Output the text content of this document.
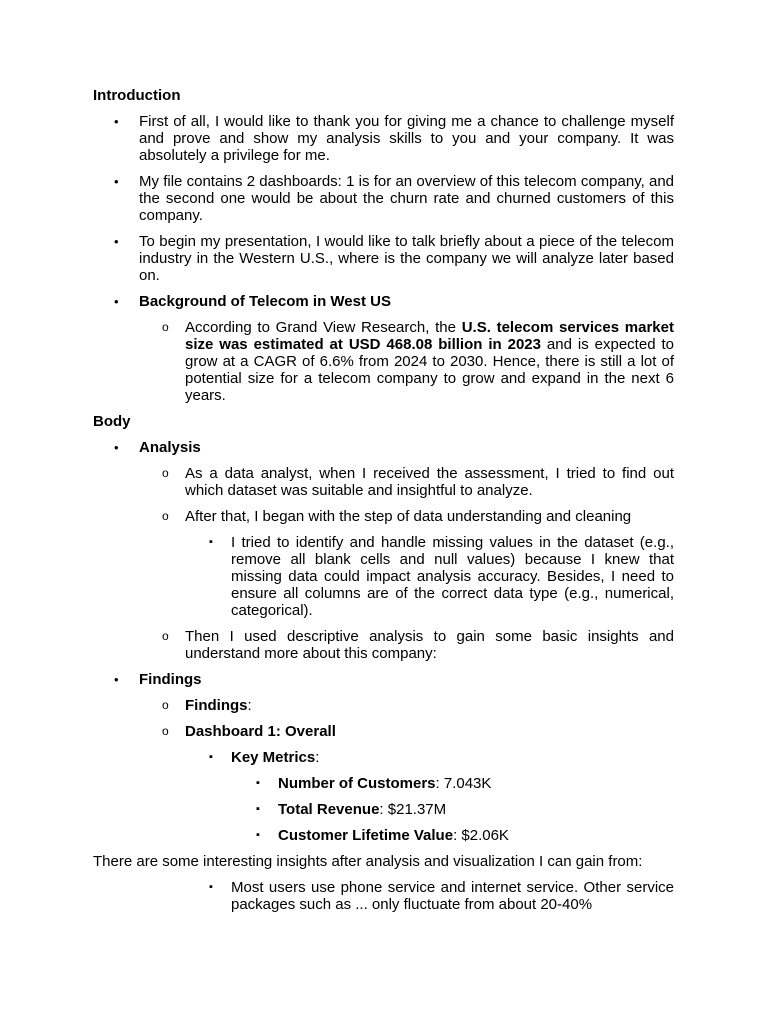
Introduction
• First of all, I would like to thank you for giving me a chance to challenge myself and prove and show my analysis skills to you and your company. It was absolutely a privilege for me.
• My file contains 2 dashboards: 1 is for an overview of this telecom company, and the second one would be about the churn rate and churned customers of this company.
• To begin my presentation, I would like to talk briefly about a piece of the telecom industry in the Western U.S., where is the company we will analyze later based on.
• Background of Telecom in West US
o According to Grand View Research, the U.S. telecom services market size was estimated at USD 468.08 billion in 2023 and is expected to grow at a CAGR of 6.6% from 2024 to 2030. Hence, there is still a lot of potential size for a telecom company to grow and expand in the next 6 years.
Body
• Analysis
o As a data analyst, when I received the assessment, I tried to find out which dataset was suitable and insightful to analyze.
o After that, I began with the step of data understanding and cleaning
▪ I tried to identify and handle missing values in the dataset (e.g., remove all blank cells and null values) because I knew that missing data could impact analysis accuracy. Besides, I need to ensure all columns are of the correct data type (e.g., numerical, categorical).
o Then I used descriptive analysis to gain some basic insights and understand more about this company:
• Findings
o Findings:
o Dashboard 1: Overall
▪ Key Metrics:
▪ Number of Customers: 7.043K
▪ Total Revenue: $21.37M
▪ Customer Lifetime Value: $2.06K
There are some interesting insights after analysis and visualization I can gain from:
▪ Most users use phone service and internet service. Other service packages such as ... only fluctuate from about 20-40%
